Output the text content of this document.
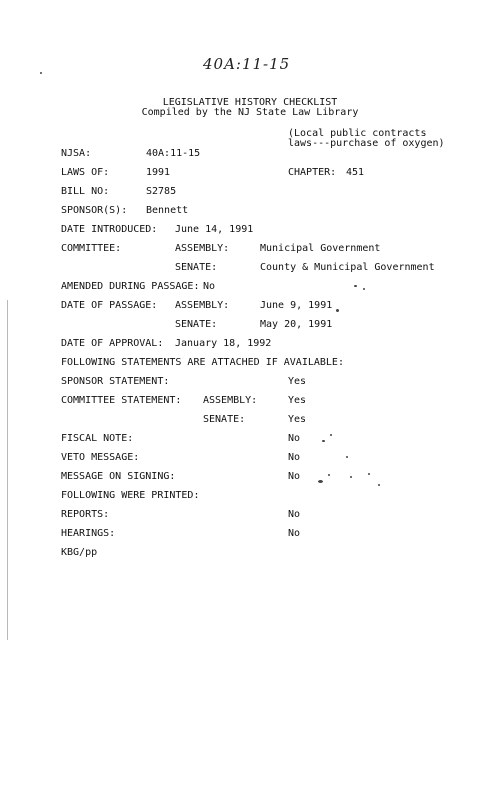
40A:11-15
LEGISLATIVE HISTORY CHECKLIST
Compiled by the NJ State Law Library
(Local public contracts
laws---purchase of oxygen)
NJSA:	40A:11-15
LAWS OF:	1991	CHAPTER: 451
BILL NO:	S2785
SPONSOR(S): Bennett
DATE INTRODUCED: June 14, 1991
COMMITTEE:	ASSEMBLY:	Municipal Government
SENATE:	County & Municipal Government
AMENDED DURING PASSAGE: No
DATE OF PASSAGE: ASSEMBLY:	June 9, 1991
SENATE:	May 20, 1991
DATE OF APPROVAL: January 18, 1992
FOLLOWING STATEMENTS ARE ATTACHED IF AVAILABLE:
SPONSOR STATEMENT:	Yes
COMMITTEE STATEMENT: ASSEMBLY:	Yes
SENATE:	Yes
FISCAL NOTE:	No
VETO MESSAGE:	No
MESSAGE ON SIGNING:	No
FOLLOWING WERE PRINTED:
REPORTS:	No
HEARINGS:	No
KBG/pp
